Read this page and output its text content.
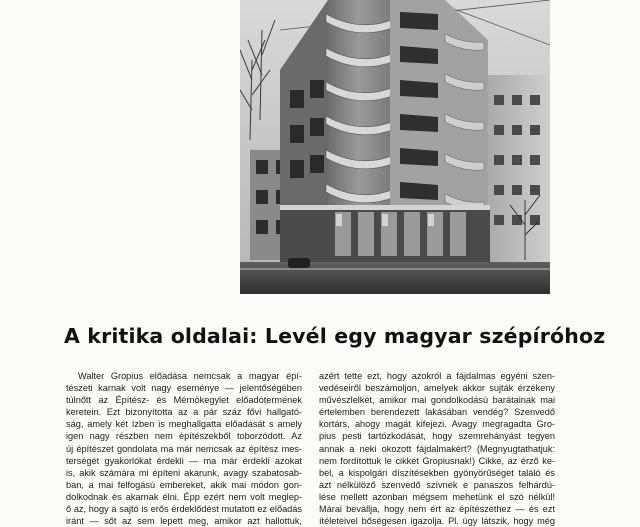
A kritika oldalai: Levél egy magyar szépíróhoz
Walter Gropius előadása nemcsak a magyar épí-
tészeti karnak volt nagy eseménye — jelentőségében
túlnőtt az Építész- és Mérnökegylet előadótermének
keretein. Ezt bizonyította az a pár száz fővi hallgató-
ság, amely két ízben is meghallgatta előadását s amely
igen nagy részben nem építészekből toborzódott. Az
új építészet gondolata ma már nemcsak az építész mes-
terségét gyakorlókat érdekli — ma már érdekli azokat
is, akik számára mi építeni akarunk, avagy szabatosab-
ban, a mai felfogású embereket, akik mai módon gon-
dolkodnak és akarnak élni. Épp ezért nem volt meglep-
ő az, hogy a sajtó is erős érdeklődést mutatott ez előadás
iránt — sőt az sem lepett meg, amikor azt hallottuk,
azért tette ezt, hogy azokról a fájdalmas egyéni szen-
vedéseiről beszámoljon, amelyek akkor sujták érzékeny
művészlelkét, amikor mai gondolkodású barátainak mai
értelemben berendezett lakásában vendég? Szenvedő
kortárs, ahogy magát kifejezi. Avagy megragadta Gro-
pius pesti tartózkodását, hogy szemrehányást tegyen
annak a neki okozott fájdalmakért? (Megnyugtathatjuk:
nem fordítottuk le cikkét Gropiusnak!) Cikke, az érző ke-
bel, a kispolgári díszítésekben gyönyörűséget találó és
azt nélkülöző szenvedő szívnek e panaszos felhárdú-
lése mellett azonban mégsem mehetünk el szó nélkül!
Márai bevallja, hogy nem ért az építészethez — és ezt
ítéleteivel bőségesen igazolja. Pl. úgy látszik, hogy még
